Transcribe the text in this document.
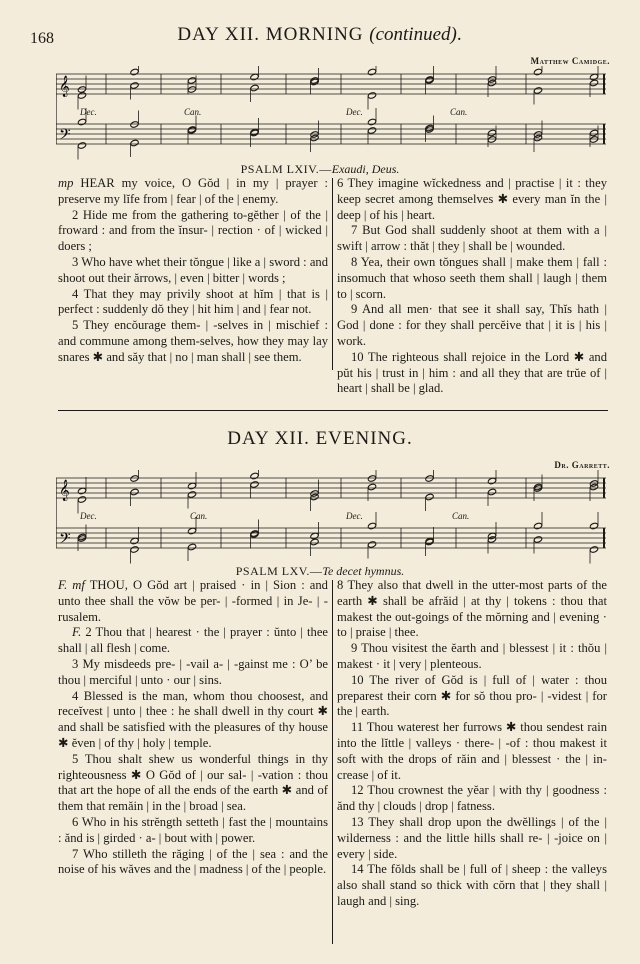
168	DAY XII. MORNING (continued).
Matthew Camidge.
𝄞
𝄢
Dec.	Can.	Dec.	Can.
PSALM LXIV.—Exaudi, Deus.

mp HEAR my voice, O Gŏd | in my | prayer : preserve my lĭfe from | fear | of the | enemy.

2 Hide me from the gathering to-gĕther | of the | froward : and from the ĭnsur- | rection · of | wicked | doers ;

3 Who have whet their tŏngue | like a | sword : and shoot out their ărrows, | even | bitter | words ;

4 That they may privily shoot at hĭm | that is | perfect : suddenly dŏ they | hit him | and | fear not.

5 They encŏurage them- | -selves in | mischief : and commune among them-selves, how they may lay snares ✱ and săy that | no | man shall | see them.

6 They imagine wĭckedness and | practise | it : they keep secret among themselves ✱ every man ĭn the | deep | of his | heart.

7 But God shall suddenly shoot at them with a | swift | arrow : thăt | they | shall be | wounded.

8 Yea, their own tŏngues shall | make them | fall : insomuch that whoso seeth them shall | laugh | them to | scorn.

9 And all men· that see it shall say, Thĭs hath | God | done : for they shall percĕive that | it is | his | work.

10 The righteous shall rejoice in the Lord ✱ and pŭt his | trust in | him : and all they that are trŭe of | heart | shall be | glad.

DAY XII. EVENING.
Dr. Garrett.
𝄞
𝄢
Dec.	Can.	Dec.	Can.
PSALM LXV.—Te decet hymnus.

F. mf THOU, O Gŏd art | praised · in | Sion : and unto thee shall the vŏw be per- | -formed | in Je- | -rusalem.

F. 2 Thou that | hearest · the | prayer : ŭnto | thee shall | all flesh | come.

3 My misdeeds pre- | -vail a- | -gainst me : O’ be thou | merciful | unto · our | sins.

4 Blessed is the man, whom thou choosest, and receĭvest | unto | thee : he shall dwell in thy court ✱ and shall be satisfied with the pleasures of thy house ✱ ĕven | of thy | holy | temple.

5 Thou shalt shew us wonderful things in thy righteousness ✱ O Gŏd of | our sal- | -vation : thou that art the hope of all the ends of the earth ✱ and of them that remăin | in the | broad | sea.

6 Who in his strĕngth setteth | fast the | mountains : ănd is | girded · a- | bout with | power.

7 Who stilleth the răging | of the | sea : and the noise of his wăves and the | madness | of the | people.

8 They also that dwell in the utter-most parts of the earth ✱ shall be afrăid | at thy | tokens : thou that makest the out-goings of the mŏrning and | evening · to | praise | thee.

9 Thou visitest the ĕarth and | blessest | it : thŏu | makest · it | very | plenteous.

10 The river of Gŏd is | full of | water : thou preparest their corn ✱ for sŏ thou pro- | -videst | for the | earth.

11 Thou waterest her furrows ✱ thou sendest rain into the lĭttle | valleys · there- | -of : thou makest it soft with the drops of răin and | blessest · the | in-crease | of it.

12 Thou crownest the yĕar | with thy | goodness : ănd thy | clouds | drop | fatness.

13 They shall drop upon the dwĕllings | of the | wilderness : and the little hills shall re- | -joice on | every | side.

14 The fŏlds shall be | full of | sheep : the valleys also shall stand so thick with cŏrn that | they shall | laugh and | sing.
